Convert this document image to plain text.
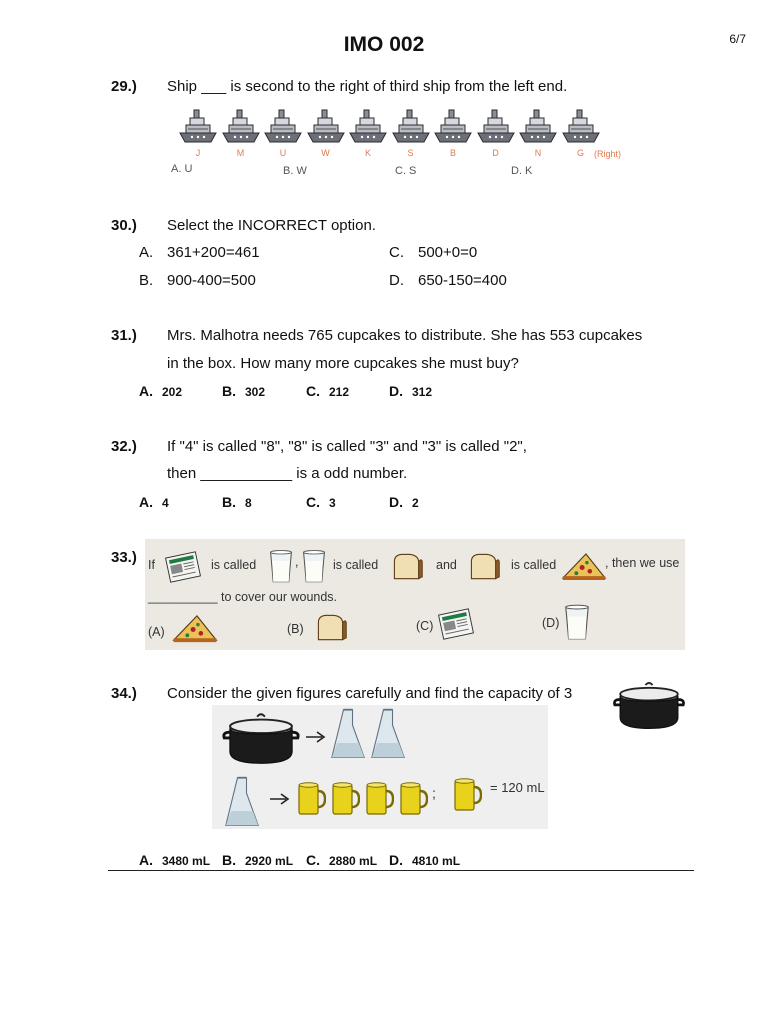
IMO 002	6/7
29.) Ship ___ is second to the right of third ship from the left end.
J	M	U	W	K	S	B	D	N	G	(Right)
A. U	B. W	C. S	D. K
30.) Select the INCORRECT option.
A. 361+200=461	C. 500+0=0
B. 900-400=500	D. 650-150=400
31.) Mrs. Malhotra needs 765 cupcakes to distribute. She has 553 cupcakes
in the box. How many more cupcakes she must buy?
A. 202	B. 302	C. 212	D. 312
32.) If "4" is called "8", "8" is called "3" and "3" is called "2",
then ___________ is a odd number.
A. 4	B. 8	C. 3	D. 2
33.) If	is called	,	is called	and	is called	, then we use
__________ to cover our wounds.
(A)	(B)	(C)	(D)
34.) Consider the given figures carefully and find the capacity of 3
;	= 120 mL
A. 3480 mL B. 2920 mL C. 2880 mL D. 4810 mL
